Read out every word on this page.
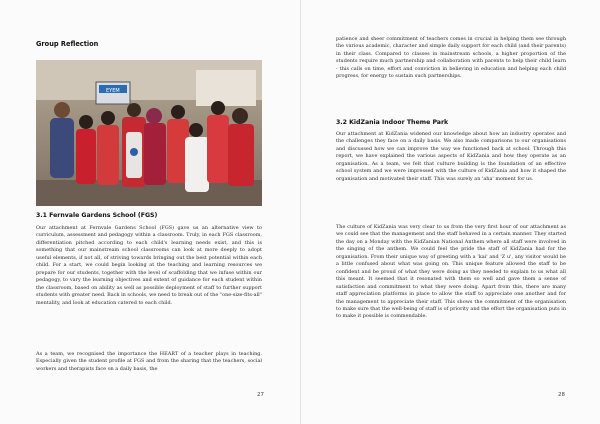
Group Reflection
EYEM
3.1 Fernvale Gardens School (FGS)

Our attachment at Fernvale Gardens School (FGS) gave us an alternative view to curriculum, assessment and pedagogy within a classroom. Truly, in each FGS classroom, differentiation pitched according to each child's learning needs exist, and this is something that our mainstream school classrooms can look at more deeply to adopt useful elements, if not all, of striving towards bringing out the best potential within each child. For a start, we could begin looking at the teaching and learning resources we prepare for our students, together with the level of scaffolding that we infuse within our pedagogy, to vary the learning objectives and extent of guidance for each student within the classroom, based on ability as well as possible deployment of staff to further support students with greater need. Back in schools, we need to break out of the "one-size-fits-all" mentality, and look at education catered to each child.

As a team, we recognised the importance the HEART of a teacher plays in teaching. Especially given the student profile at FGS and from the sharing that the teachers, social workers and therapists face on a daily basis, the

27

patience and sheer commitment of teachers comes in crucial in helping them see through the various academic, character and simple daily support for each child (and their parents) in their class. Compared to classes in mainstream schools, a higher proportion of the students require much partnership and collaboration with parents to help their child learn - this calls on time, effort and conviction in believing in education and helping each child progress, for energy to sustain such partnerships.

3.2 KidZania Indoor Theme Park

Our attachment at KidZania widened our knowledge about how an industry operates and the challenges they face on a daily basis. We also made comparisons to our organisations and discussed how we can improve the way we functioned back at school. Through this report, we have explained the various aspects of KidZania and how they operate as an organisation. As a team, we felt that culture building is the foundation of an effective school system and we were impressed with the culture of KidZania and how it shaped the organisation and motivated their staff. This was surely an 'aha' moment for us.

The culture of KidZania was very clear to us from the very first hour of our attachment as we could see that the management and the staff behaved in a certain manner. They started the day on a Monday with the KidZanian National Anthem where all staff were involved in the singing of the anthem. We could feel the pride the staff of KidZania had for the organisation. From their unique way of greeting with a 'kai' and 'Z u', any visitor would be a little confused about what was going on. This unique feature allowed the staff to be confident and be proud of what they were doing as they needed to explain to us what all this meant. It seemed that it resonated with them so well and gave them a sense of satisfaction and commitment to what they were doing. Apart from this, there are many staff appreciation platforms in place to allow the staff to appreciate one another and for the management to appreciate their staff. This shows the commitment of the organisation to make sure that the well-being of staff is of priority and the effort the organisation puts in to make it possible is commendable.

28
